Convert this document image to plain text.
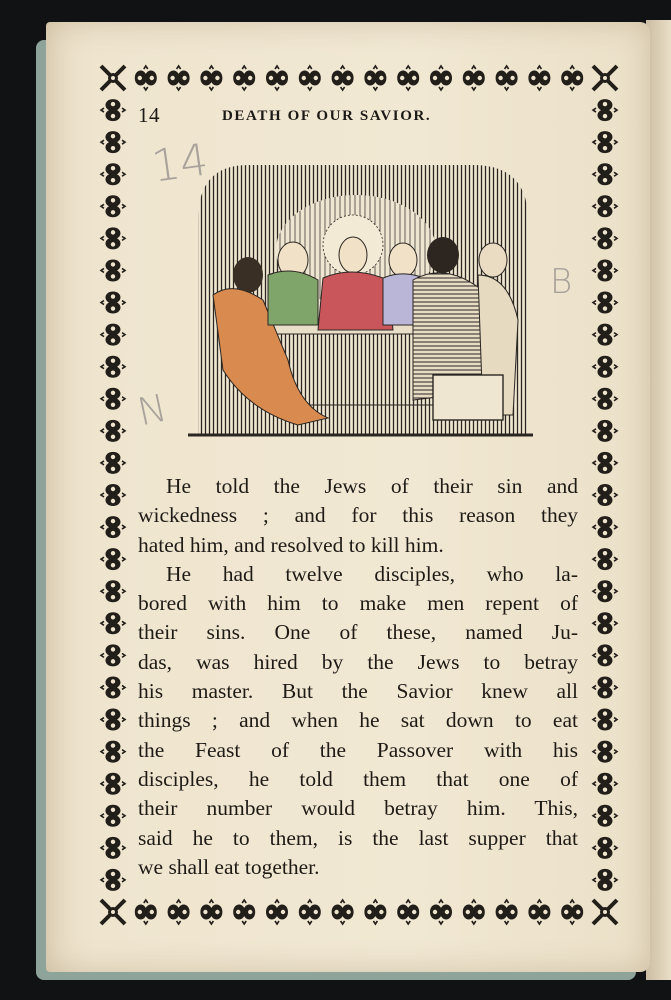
14	DEATH OF OUR SAVIOR.
14
B
N

He told the Jews of their sin and
wickedness ; and for this reason they
hated him, and resolved to kill him.

He had twelve disciples, who la-
bored with him to make men repent of
their sins. One of these, named Ju-
das, was hired by the Jews to betray
his master. But the Savior knew all
things ; and when he sat down to eat
the Feast of the Passover with his
disciples, he told them that one of
their number would betray him. This,
said he to them, is the last supper that
we shall eat together.
